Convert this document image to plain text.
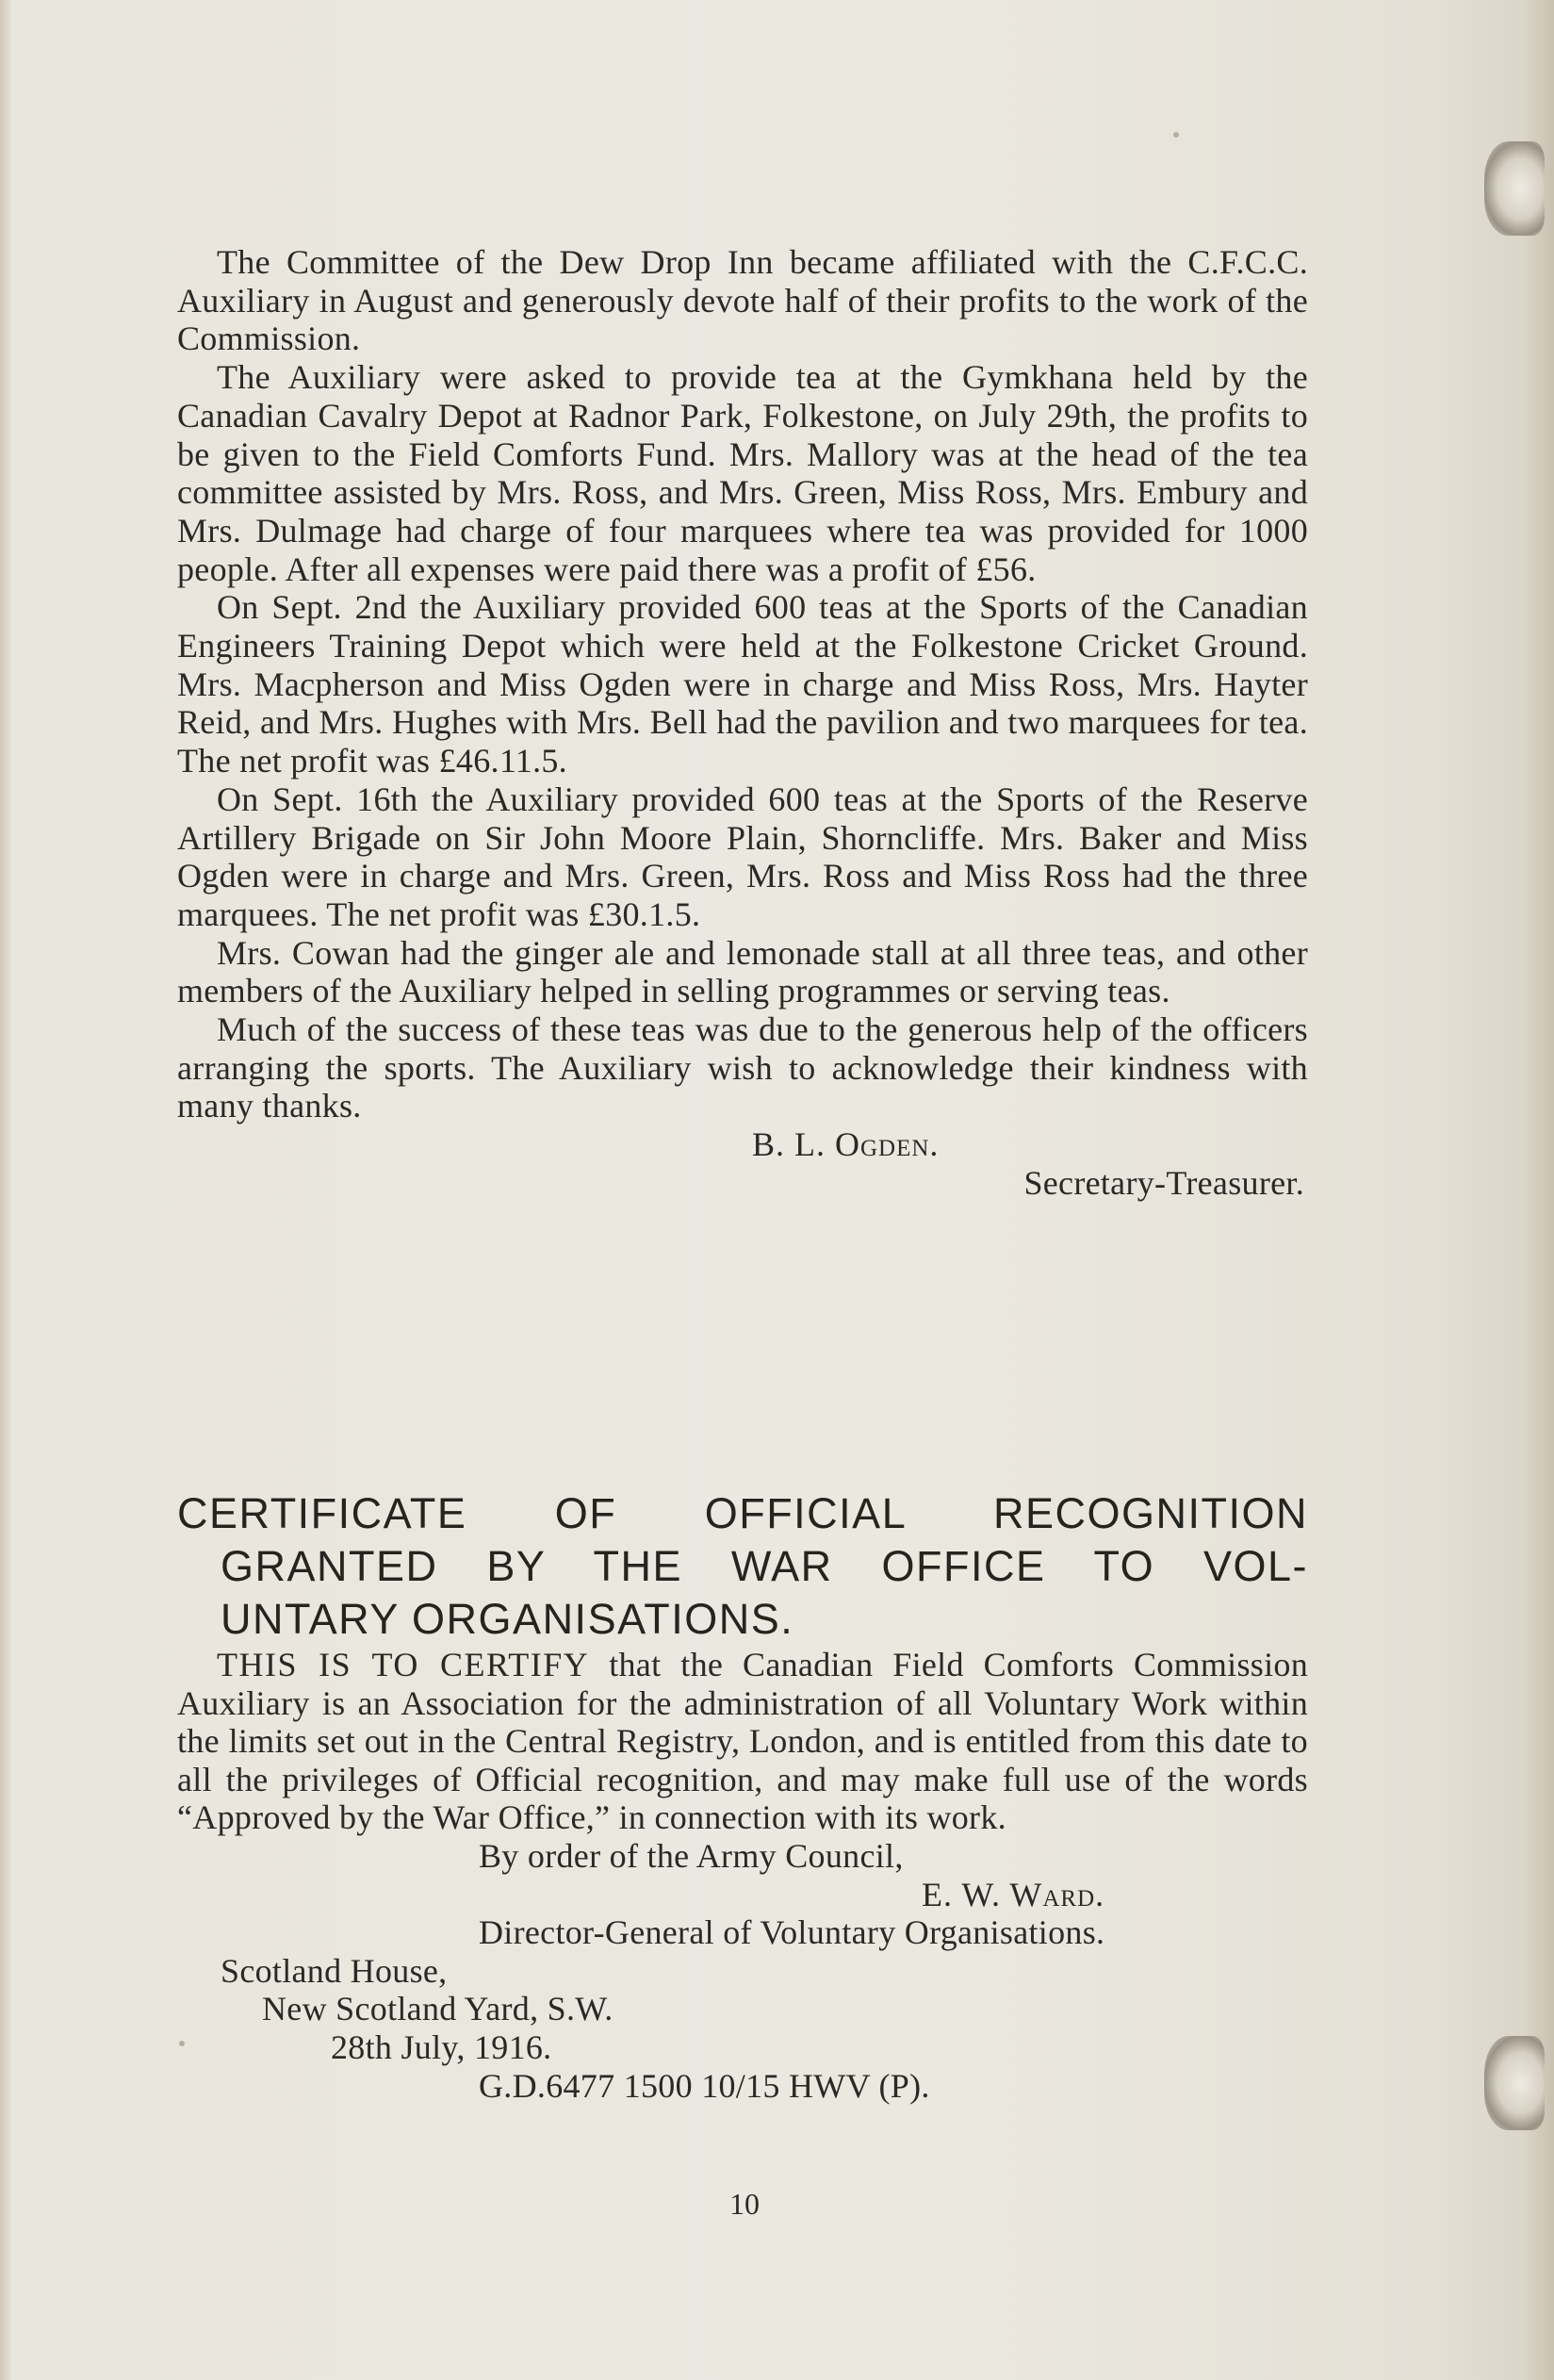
The Committee of the Dew Drop Inn became affiliated with the C.F.C.C. Auxiliary in August and generously devote half of their profits to the work of the Commission.

The Auxiliary were asked to provide tea at the Gymkhana held by the Canadian Cavalry Depot at Radnor Park, Folkestone, on July 29th, the profits to be given to the Field Comforts Fund. Mrs. Mallory was at the head of the tea committee assisted by Mrs. Ross, and Mrs. Green, Miss Ross, Mrs. Embury and Mrs. Dulmage had charge of four marquees where tea was provided for 1000 people. After all expenses were paid there was a profit of £56.

On Sept. 2nd the Auxiliary provided 600 teas at the Sports of the Canadian Engineers Training Depot which were held at the Folkestone Cricket Ground. Mrs. Macpherson and Miss Ogden were in charge and Miss Ross, Mrs. Hayter Reid, and Mrs. Hughes with Mrs. Bell had the pavilion and two marquees for tea. The net profit was £46.11.5.

On Sept. 16th the Auxiliary provided 600 teas at the Sports of the Reserve Artillery Brigade on Sir John Moore Plain, Shorncliffe. Mrs. Baker and Miss Ogden were in charge and Mrs. Green, Mrs. Ross and Miss Ross had the three marquees. The net profit was £30.1.5.

Mrs. Cowan had the ginger ale and lemonade stall at all three teas, and other members of the Auxiliary helped in selling programmes or serving teas.

Much of the success of these teas was due to the generous help of the officers arranging the sports. The Auxiliary wish to acknowledge their kindness with many thanks.

B. L. Ogden.

Secretary-Treasurer.

CERTIFICATE OF OFFICIAL RECOGNITION
GRANTED BY THE WAR OFFICE TO VOL-
UNTARY ORGANISATIONS.

THIS IS TO CERTIFY that the Canadian Field Comforts Commission Auxiliary is an Association for the administration of all Voluntary Work within the limits set out in the Central Registry, London, and is entitled from this date to all the privileges of Official recognition, and may make full use of the words “Approved by the War Office,” in connection with its work.

By order of the Army Council,

E. W. Ward.

Director-General of Voluntary Organisations.

Scotland House,

New Scotland Yard, S.W.

28th July, 1916.

G.D.6477 1500 10/15 HWV (P).

10
